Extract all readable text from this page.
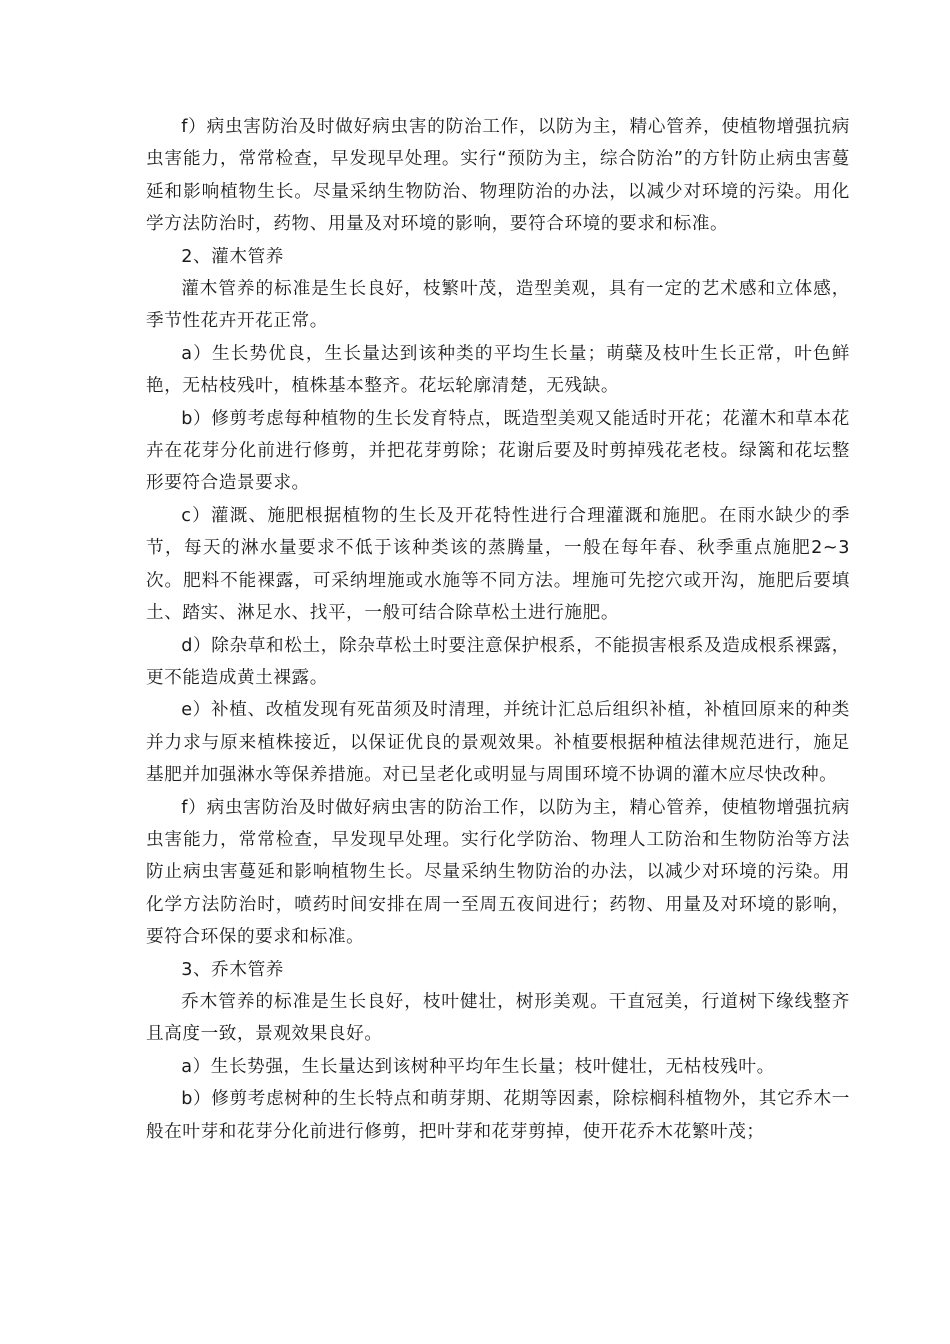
f）病虫害防治及时做好病虫害的防治工作，以防为主，精心管养，使植物增强抗病虫害能力，常常检查，早发现早处理。实行“预防为主，综合防治”的方针防止病虫害蔓延和影响植物生长。尽量采纳生物防治、物理防治的办法，以减少对环境的污染。用化学方法防治时，药物、用量及对环境的影响，要符合环境的要求和标准。

2、灌木管养

灌木管养的标准是生长良好，枝繁叶茂，造型美观，具有一定的艺术感和立体感，季节性花卉开花正常。

a）生长势优良，生长量达到该种类的平均生长量；萌蘖及枝叶生长正常，叶色鲜艳，无枯枝残叶，植株基本整齐。花坛轮廓清楚，无残缺。

b）修剪考虑每种植物的生长发育特点，既造型美观又能适时开花；花灌木和草本花卉在花芽分化前进行修剪，并把花芽剪除；花谢后要及时剪掉残花老枝。绿篱和花坛整形要符合造景要求。

c）灌溉、施肥根据植物的生长及开花特性进行合理灌溉和施肥。在雨水缺少的季节，每天的淋水量要求不低于该种类该的蒸腾量，一般在每年春、秋季重点施肥2~3次。肥料不能裸露，可采纳埋施或水施等不同方法。埋施可先挖穴或开沟，施肥后要填土、踏实、淋足水、找平，一般可结合除草松土进行施肥。

d）除杂草和松土，除杂草松土时要注意保护根系，不能损害根系及造成根系裸露，更不能造成黄土裸露。

e）补植、改植发现有死苗须及时清理，并统计汇总后组织补植，补植回原来的种类并力求与原来植株接近，以保证优良的景观效果。补植要根据种植法律规范进行，施足基肥并加强淋水等保养措施。对已呈老化或明显与周围环境不协调的灌木应尽快改种。

f）病虫害防治及时做好病虫害的防治工作，以防为主，精心管养，使植物增强抗病虫害能力，常常检查，早发现早处理。实行化学防治、物理人工防治和生物防治等方法防止病虫害蔓延和影响植物生长。尽量采纳生物防治的办法，以减少对环境的污染。用化学方法防治时，喷药时间安排在周一至周五夜间进行；药物、用量及对环境的影响，要符合环保的要求和标准。

3、乔木管养

乔木管养的标准是生长良好，枝叶健壮，树形美观。干直冠美，行道树下缘线整齐且高度一致，景观效果良好。

a）生长势强，生长量达到该树种平均年生长量；枝叶健壮，无枯枝残叶。

b）修剪考虑树种的生长特点和萌芽期、花期等因素，除棕榈科植物外，其它乔木一般在叶芽和花芽分化前进行修剪，把叶芽和花芽剪掉，使开花乔木花繁叶茂；
